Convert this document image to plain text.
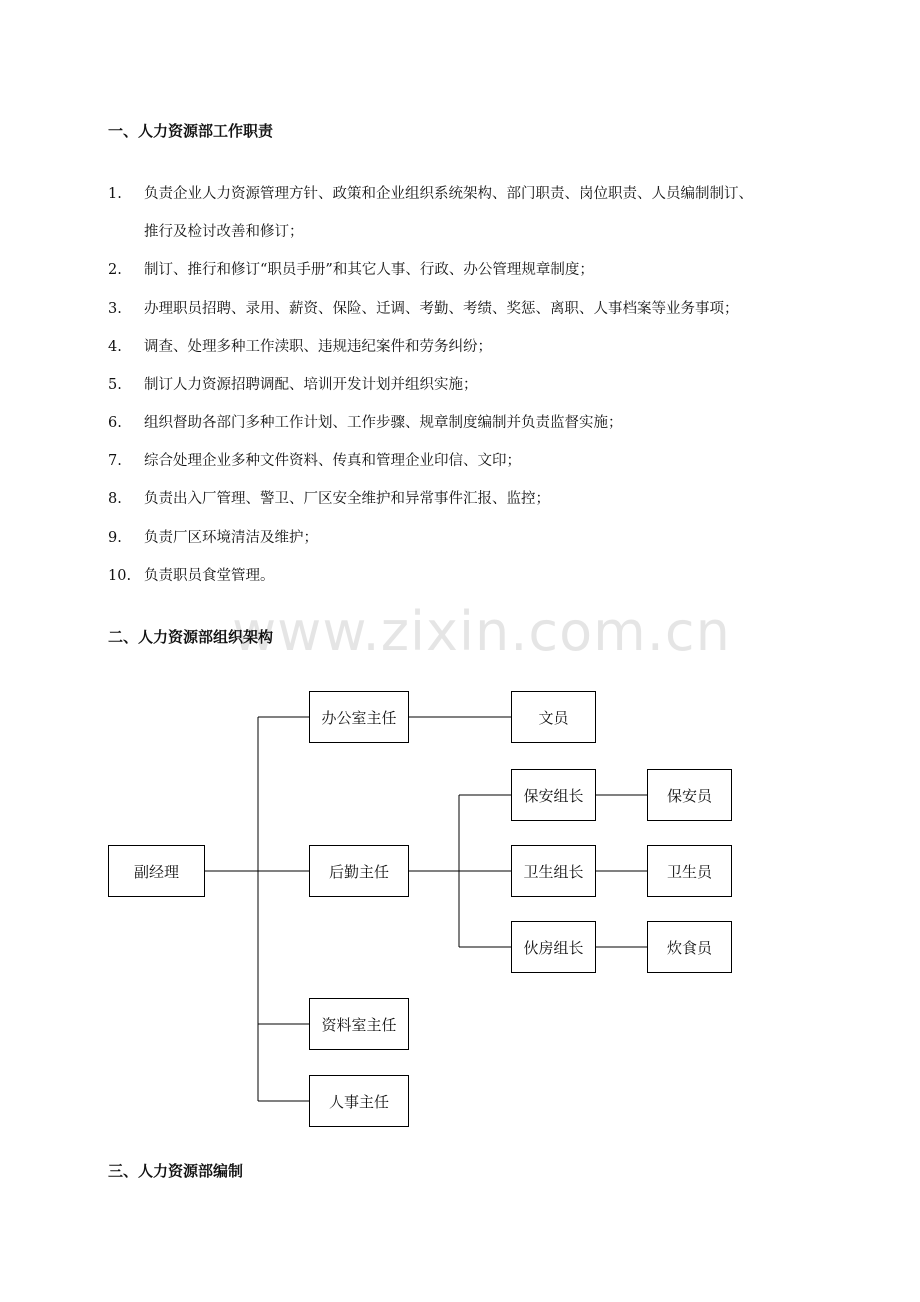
一、人力资源部工作职责
1. 负责企业人力资源管理方针、政策和企业组织系统架构、部门职责、岗位职责、人员编制制订、
推行及检讨改善和修订；
2. 制订、推行和修订“职员手册”和其它人事、行政、办公管理规章制度；
3. 办理职员招聘、录用、薪资、保险、迁调、考勤、考绩、奖惩、离职、人事档案等业务事项；
4. 调查、处理多种工作渎职、违规违纪案件和劳务纠纷；
5. 制订人力资源招聘调配、培训开发计划并组织实施；
6. 组织督助各部门多种工作计划、工作步骤、规章制度编制并负责监督实施；
7. 综合处理企业多种文件资料、传真和管理企业印信、文印；
8. 负责出入厂管理、警卫、厂区安全维护和异常事件汇报、监控；
9. 负责厂区环境清洁及维护；
10. 负责职员食堂管理。
www.zixin.com.cn
二、人力资源部组织架构
副经理
办公室主任	文员
后勤主任
保安组长	保安员
卫生组长	卫生员
伙房组长	炊食员
资料室主任
人事主任
三、人力资源部编制
